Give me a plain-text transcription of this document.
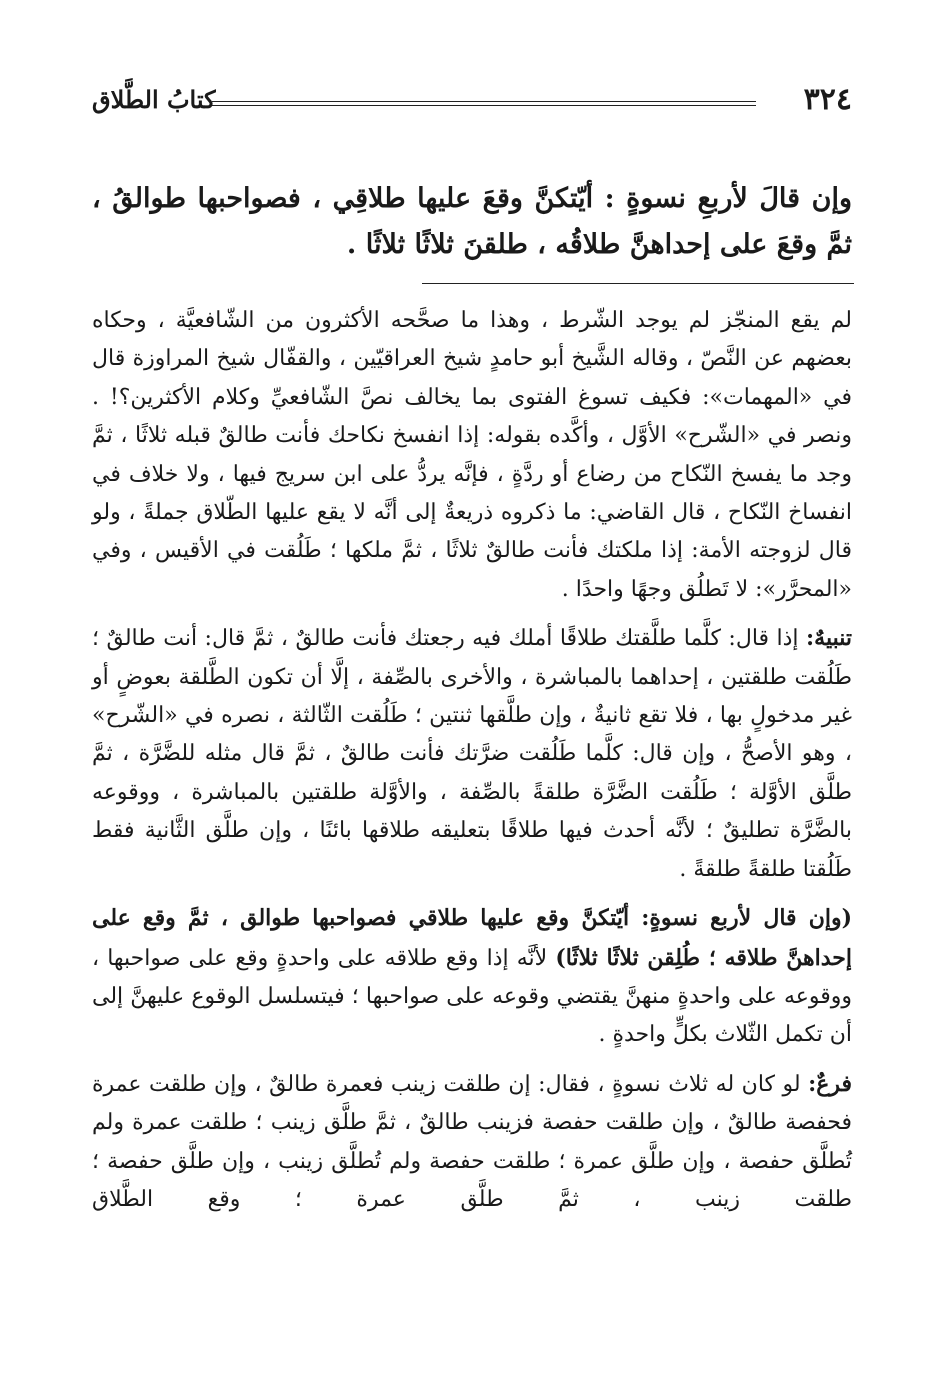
٣٢٤
كتابُ الطَّلاق
وإن قالَ لأربعِ نسوةٍ : أيّتكنَّ وقعَ عليها طلاقِي ، فصواحبها طوالقُ ، ثمَّ وقعَ على إحداهنَّ طلاقُه ، طلقنَ ثلاثًا ثلاثًا .

لم يقع المنجّز لم يوجد الشّرط ، وهذا ما صحَّحه الأكثرون من الشّافعيَّة ، وحكاه بعضهم عن النَّصّ ، وقاله الشَّيخ أبو حامدٍ شيخ العراقيّين ، والقفّال شيخ المراوزة قال في «المهمات»: فكيف تسوغ الفتوى بما يخالف نصَّ الشّافعيِّ وكلام الأكثرين؟! . ونصر في «الشّرح» الأوَّل ، وأكَّده بقوله: إذا انفسخ نكاحك فأنت طالقٌ قبله ثلاثًا ، ثمَّ وجد ما يفسخ النّكاح من رضاع أو ردَّةٍ ، فإنَّه يردُّ على ابن سريج فيها ، ولا خلاف في انفساخ النّكاح ، قال القاضي: ما ذكروه ذريعةٌ إلى أنَّه لا يقع عليها الطّلاق جملةً ، ولو قال لزوجته الأمة: إذا ملكتك فأنت طالقٌ ثلاثًا ، ثمَّ ملكها ؛ طَلُقت في الأقيس ، وفي «المحرَّر»: لا تَطلُق وجهًا واحدًا .

تنبيهٌ: إذا قال: كلَّما طلَّقتك طلاقًا أملك فيه رجعتك فأنت طالقٌ ، ثمَّ قال: أنت طالقٌ ؛ طَلُقت طلقتين ، إحداهما بالمباشرة ، والأخرى بالصِّفة ، إلَّا أن تكون الطَّلقة بعوضٍ أو غير مدخولٍ بها ، فلا تقع ثانيةٌ ، وإن طلَّقها ثنتين ؛ طَلُقت الثّالثة ، نصره في «الشّرح» ، وهو الأصحُّ ، وإن قال: كلَّما طَلُقت ضرَّتك فأنت طالقٌ ، ثمَّ قال مثله للضَّرَّة ، ثمَّ طلَّق الأوَّلة ؛ طَلُقت الضَّرَّة طلقةً بالصِّفة ، والأوَّلة طلقتين بالمباشرة ، ووقوعه بالضَّرَّة تطليقٌ ؛ لأنَّه أحدث فيها طلاقًا بتعليقه طلاقها بائنًا ، وإن طلَّق الثَّانية فقط طَلُقتا طلقةً طلقةً .

(وإن قال لأربع نسوةٍ: أيّتكنَّ وقع عليها طلاقي فصواحبها طوالق ، ثمَّ وقع على إحداهنَّ طلاقه ؛ طُلِقن ثلاثًا ثلاثًا) لأنَّه إذا وقع طلاقه على واحدةٍ وقع على صواحبها ، ووقوعه على واحدةٍ منهنَّ يقتضي وقوعه على صواحبها ؛ فيتسلسل الوقوع عليهنَّ إلى أن تكمل الثّلاث بكلٍّ واحدةٍ .

فرعٌ: لو كان له ثلاث نسوةٍ ، فقال: إن طلقت زينب فعمرة طالقٌ ، وإن طلقت عمرة فحفصة طالقٌ ، وإن طلقت حفصة فزينب طالقٌ ، ثمَّ طلَّق زينب ؛ طلقت عمرة ولم تُطلَّق حفصة ، وإن طلَّق عمرة ؛ طلقت حفصة ولم تُطلَّق زينب ، وإن طلَّق حفصة ؛ طلقت زينب ، ثمَّ طلَّق عمرة ؛ وقع الطَّلاق
